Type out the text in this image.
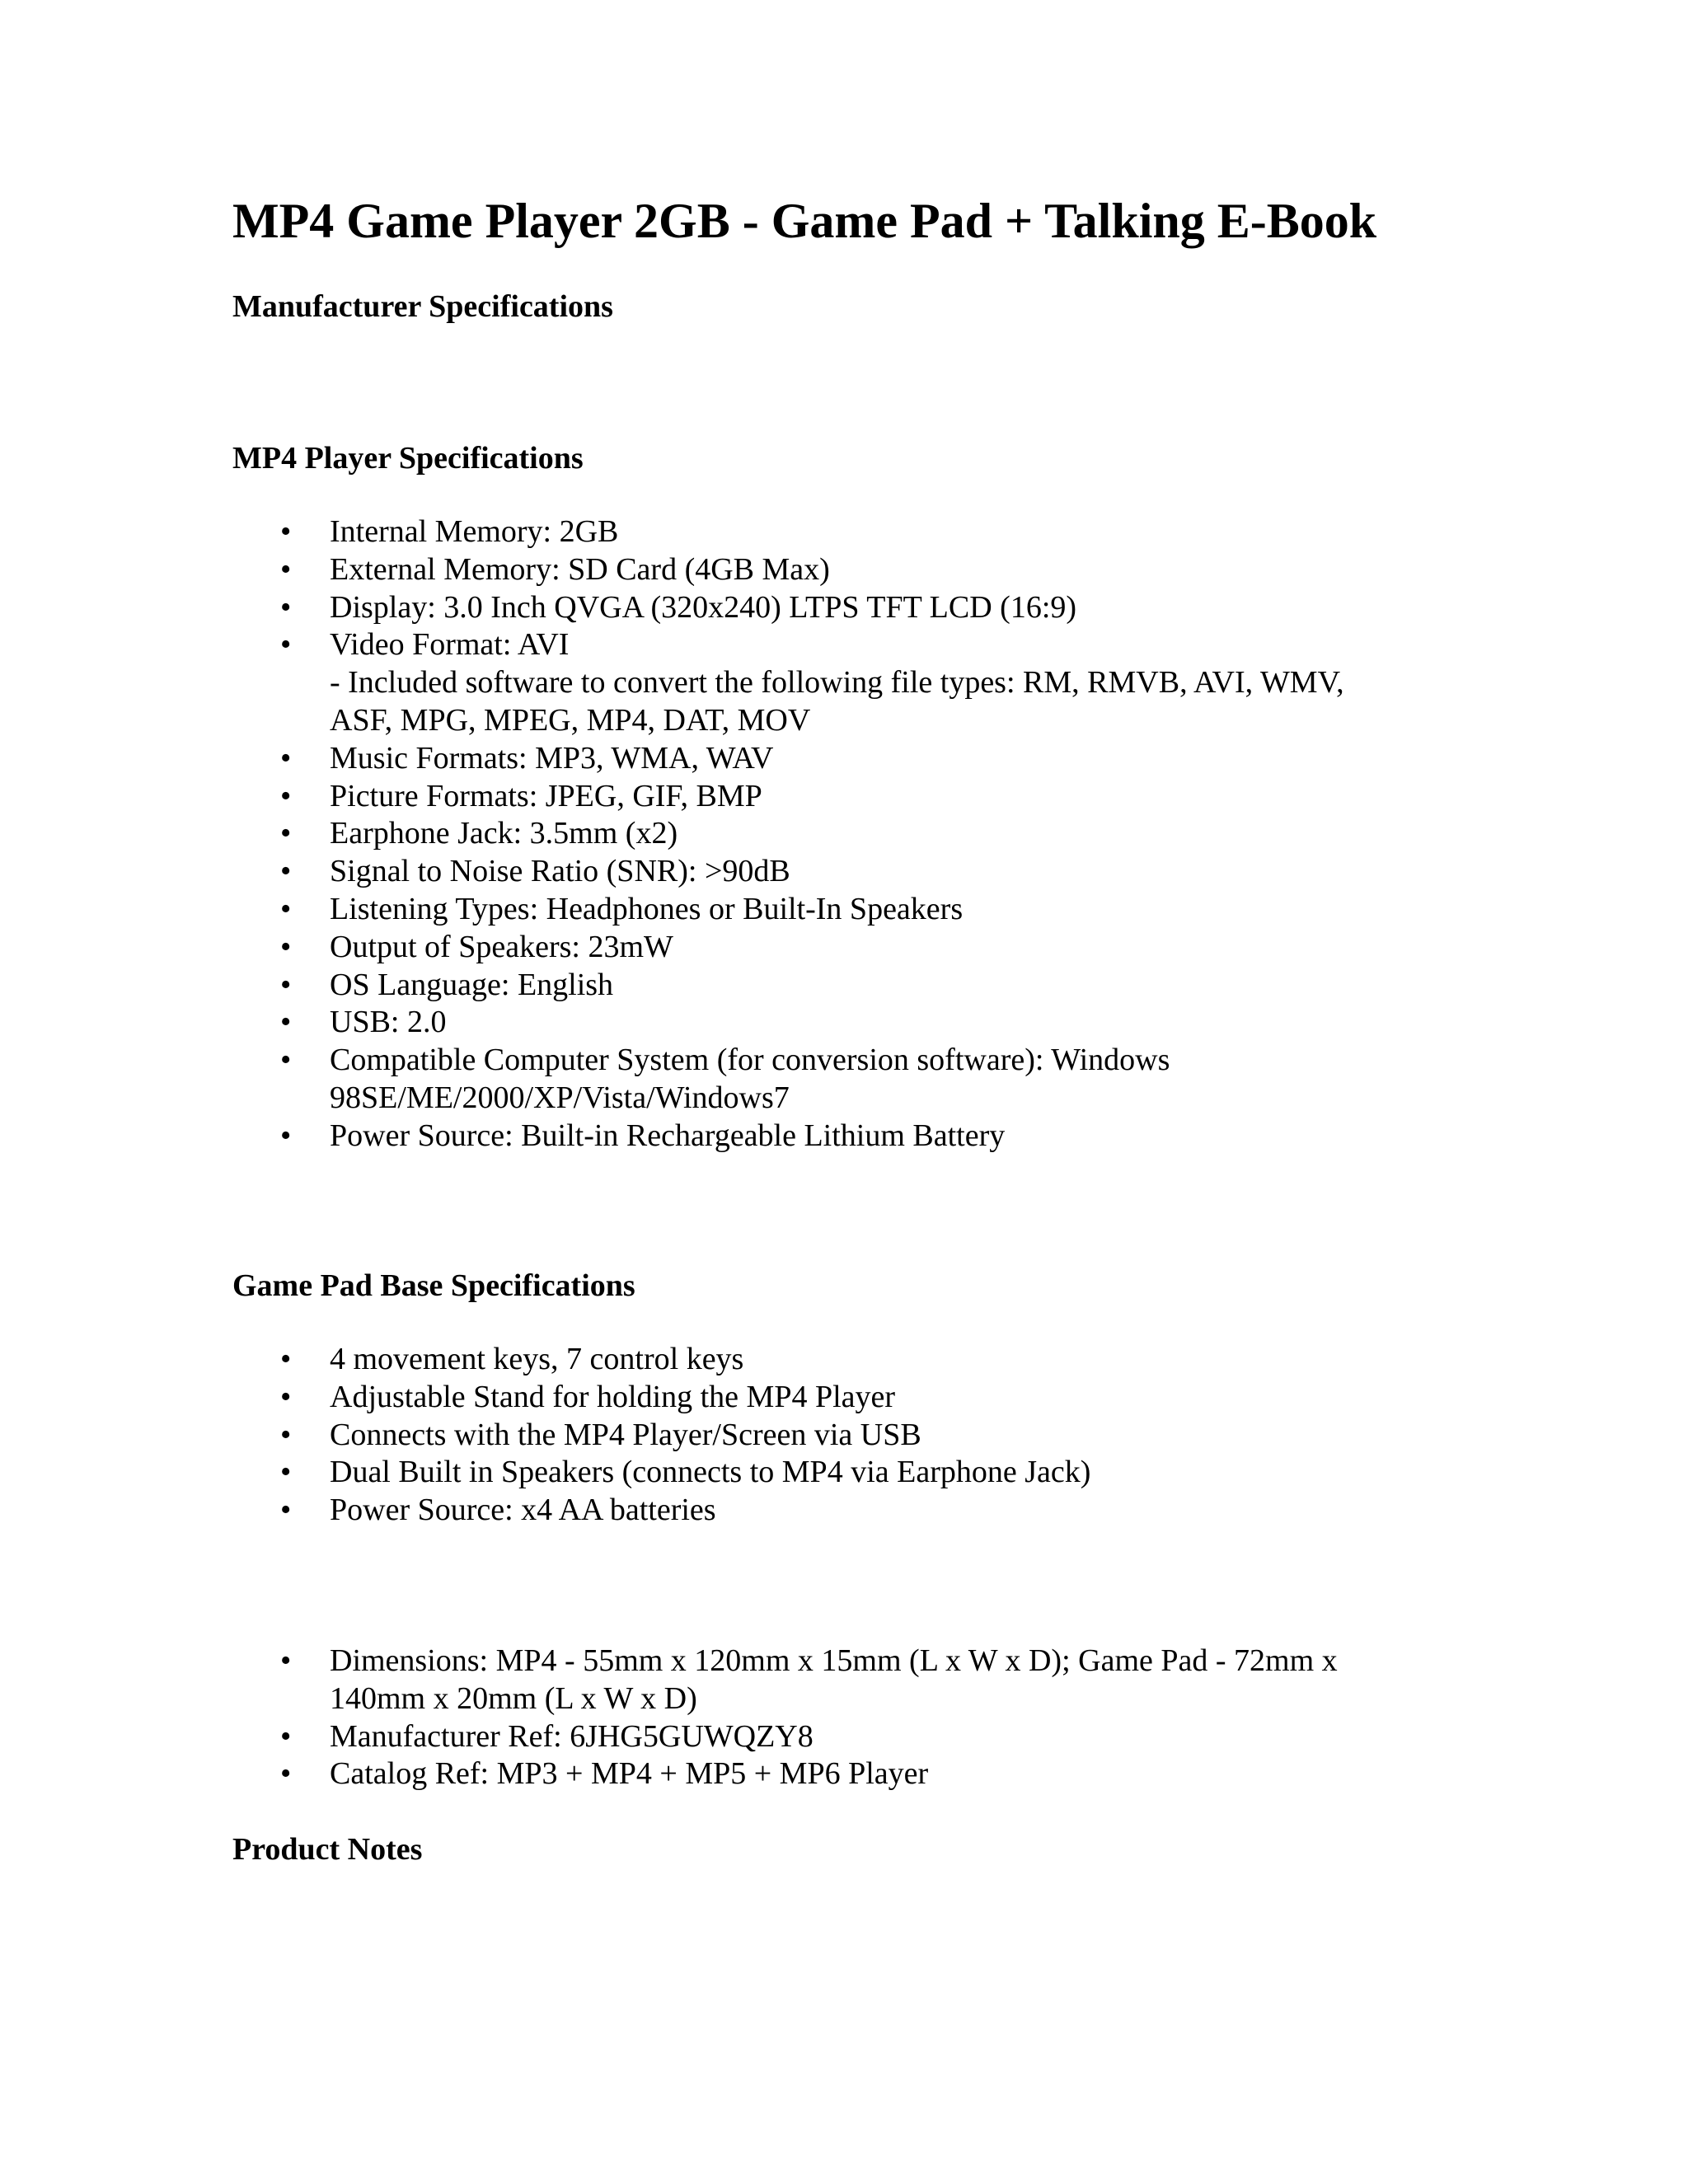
MP4 Game Player 2GB - Game Pad + Talking E-Book
Manufacturer Specifications
MP4 Player Specifications
• Internal Memory: 2GB
• External Memory: SD Card (4GB Max)
• Display: 3.0 Inch QVGA (320x240) LTPS TFT LCD (16:9)
• Video Format: AVI
- Included software to convert the following file types: RM, RMVB, AVI, WMV,
ASF, MPG, MPEG, MP4, DAT, MOV
• Music Formats: MP3, WMA, WAV
• Picture Formats: JPEG, GIF, BMP
• Earphone Jack: 3.5mm (x2)
• Signal to Noise Ratio (SNR): >90dB
• Listening Types: Headphones or Built-In Speakers
• Output of Speakers: 23mW
• OS Language: English
• USB: 2.0
• Compatible Computer System (for conversion software): Windows
98SE/ME/2000/XP/Vista/Windows7
• Power Source: Built-in Rechargeable Lithium Battery
Game Pad Base Specifications
• 4 movement keys, 7 control keys
• Adjustable Stand for holding the MP4 Player
• Connects with the MP4 Player/Screen via USB
• Dual Built in Speakers (connects to MP4 via Earphone Jack)
• Power Source: x4 AA batteries
• Dimensions: MP4 - 55mm x 120mm x 15mm (L x W x D); Game Pad - 72mm x
140mm x 20mm (L x W x D)
• Manufacturer Ref: 6JHG5GUWQZY8
• Catalog Ref: MP3 + MP4 + MP5 + MP6 Player
Product Notes
